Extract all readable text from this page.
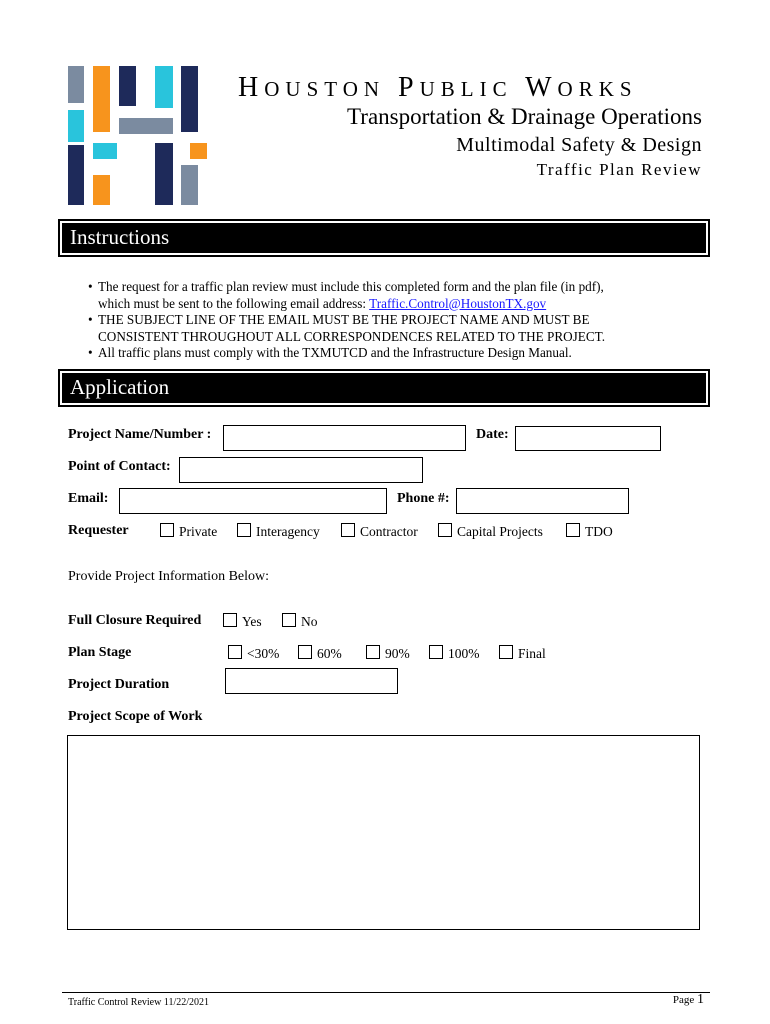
HOUSTON PUBLIC WORKS
Transportation & Drainage Operations
Multimodal Safety & Design
Traffic Plan Review
Instructions
• The request for a traffic plan review must include this completed form and the plan file (in pdf),
which must be sent to the following email address: Traffic.Control@HoustonTX.gov
• THE SUBJECT LINE OF THE EMAIL MUST BE THE PROJECT NAME AND MUST BE
CONSISTENT THROUGHOUT ALL CORRESPONDENCES RELATED TO THE PROJECT.
• All traffic plans must comply with the TXMUTCD and the Infrastructure Design Manual.
Application
Project Name/Number :	Date:
Point of Contact:
Email:	Phone #:
Requester	Private	Interagency	Contractor	Capital Projects	TDO
Provide Project Information Below:
Full Closure Required	Yes	No
Plan Stage	<30%	60%	90%	100%	Final
Project Duration
Project Scope of Work
Traffic Control Review 11/22/2021	Page 1
